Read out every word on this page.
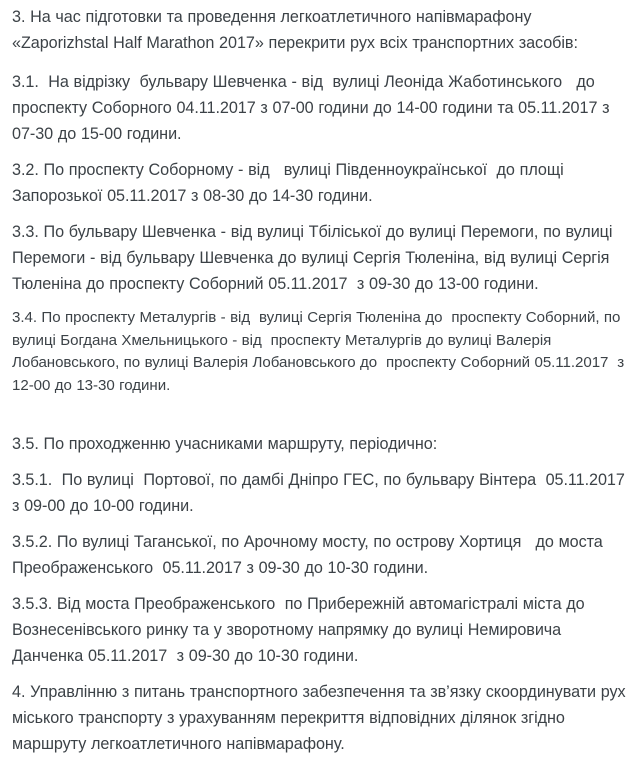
3. На час підготовки та проведення легкоатлетичного напівмарафону «Zaporizhstal Half Marathon 2017» перекрити рух всіх транспортних засобів:

3.1.  На відрізку  бульвару Шевченка - від  вулиці Леоніда Жаботинського   до проспекту Соборного 04.11.2017 з 07-00 години до 14-00 години та 05.11.2017 з 07-30 до 15-00 години.

3.2. По проспекту Соборному - від   вулиці Південноукраїнської  до площі Запорозької 05.11.2017 з 08-30 до 14-30 години.

3.3. По бульвару Шевченка - від вулиці Тбіліської до вулиці Перемоги, по вулиці Перемоги - від бульвару Шевченка до вулиці Сергія Тюленіна, від вулиці Сергія Тюленіна до проспекту Соборний 05.11.2017  з 09-30 до 13-00 години.

3.4. По проспекту Металургів - від  вулиці Сергія Тюленіна до  проспекту Соборний, по вулиці Богдана Хмельницького - від  проспекту Металургів до вулиці Валерія Лобановського, по вулиці Валерія Лобановського до  проспекту Соборний 05.11.2017  з 12-00 до 13-30 години.

3.5. По проходженню учасниками маршруту, періодично:

3.5.1.  По вулиці  Портової, по дамбі Дніпро ГЕС, по бульвару Вінтера  05.11.2017 з 09-00 до 10-00 години.

3.5.2. По вулиці Таганської, по Арочному мосту, по острову Хортиця   до моста Преображенського  05.11.2017 з 09-30 до 10-30 години.

3.5.3. Від моста Преображенського  по Прибережній автомагістралі міста до Вознесенівського ринку та у зворотному напрямку до вулиці Немировича Данченка 05.11.2017  з 09-30 до 10-30 години.

4. Управлінню з питань транспортного забезпечення та зв’язку скоординувати рух міського транспорту з урахуванням перекриття відповідних ділянок згідно маршруту легкоатлетичного напівмарафону.
